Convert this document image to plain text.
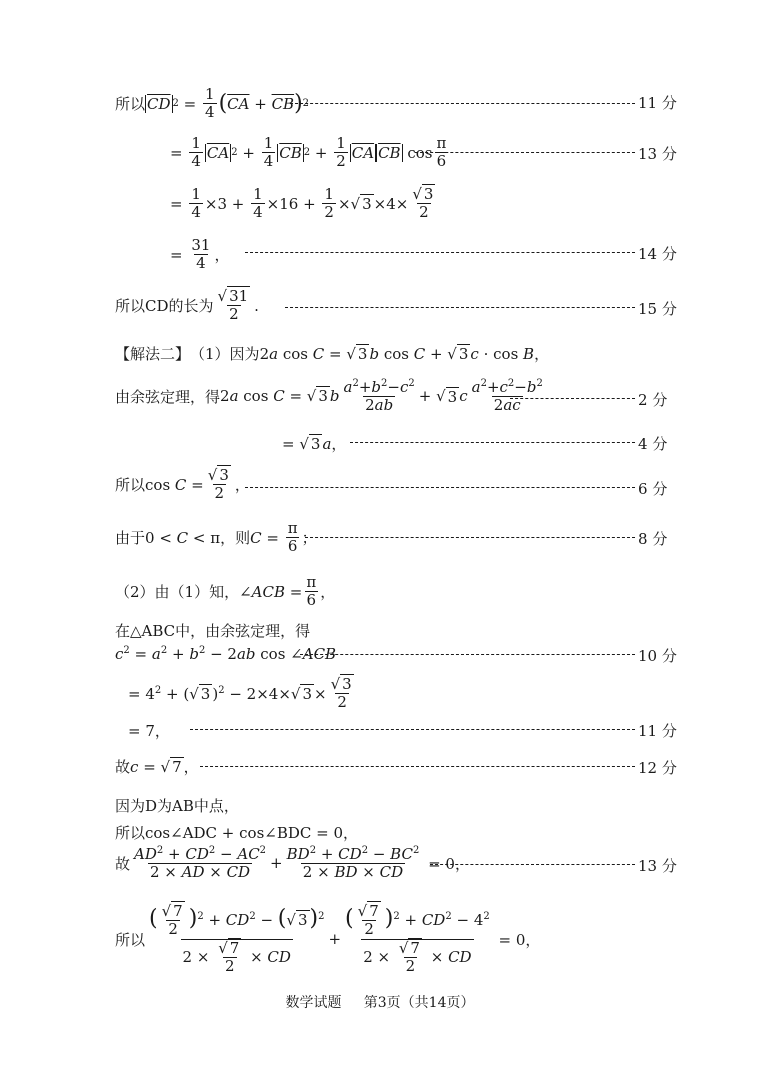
所以 $\overline{CD}$ $2 = \frac{1}{4}$ ( $\overline{CA} + \overline{CB}$ ) 2	11 分
= $\frac{1}{4} \overline{CA}$ $2 + \frac{1}{4} \overline{CB}$ $2 + \frac{1}{2} \overline{CA}$ $\overline{CB}$ $\cos \frac{\pi}{6}$	13 分
= $\frac{1}{4} \times 3 + \frac{1}{4} \times 16 + \frac{1}{2}$ ×√ $3 \times 4\times \frac{√ 3}{2}$
= $\frac{31}{4}$ ，	14 分
所以CD的长为 $\frac{√ 31}{2}$ .	15 分
【解法二】 （1）因为 2a cos C = √ 3 b cos C + √ 3 c · cos B，
由余弦定理，得 2a cos C = √ 3 b $\frac{a^2+b^2-c^2}{2ab}$ + √ 3 c $\frac{a^2+c^2-b^2}{2ac}$	2 分
= √ 3 a ，	4 分
所以 $\cos C = \frac{√ 3}{2}$ ，	6 分
由于 0 < C < π ，则 $C = \frac{\pi}{6}$ ；	8 分
（2）由（1）知， ∠ACB = $\frac{\pi}{6}$ ，
在△ABC中，由余弦定理，得
$c^2 = a^2 + b^2 - 2ab$ cos ∠ACB	10 分
= $4^2$ + (√ 3 )$^2$ − 2×4×√ $3 \times \frac{√ 3}{2}$
= 7，	11 分
故 c = √ 7 ，	12 分
因为D为AB中点，
所以cos∠ADC + cos∠BDC = 0，
故 $\frac{AD^2 + CD^2 - AC^2}{2 \times AD \times CD} + \frac{BD^2 + CD^2 - BC^2}{2 \times BD \times CD} = 0$，	13 分
所以 $\frac{( \frac{√ 7}{2} )^2 + CD^2 - (√ 3)^2}{2 \times \frac{√ 7}{2} \times CD} + \frac{( \frac{√ 7}{2} )^2 + CD^2 - 4^2}{2 \times \frac{√ 7}{2} \times CD} = 0$，
数学试题 第3页（共14页）
